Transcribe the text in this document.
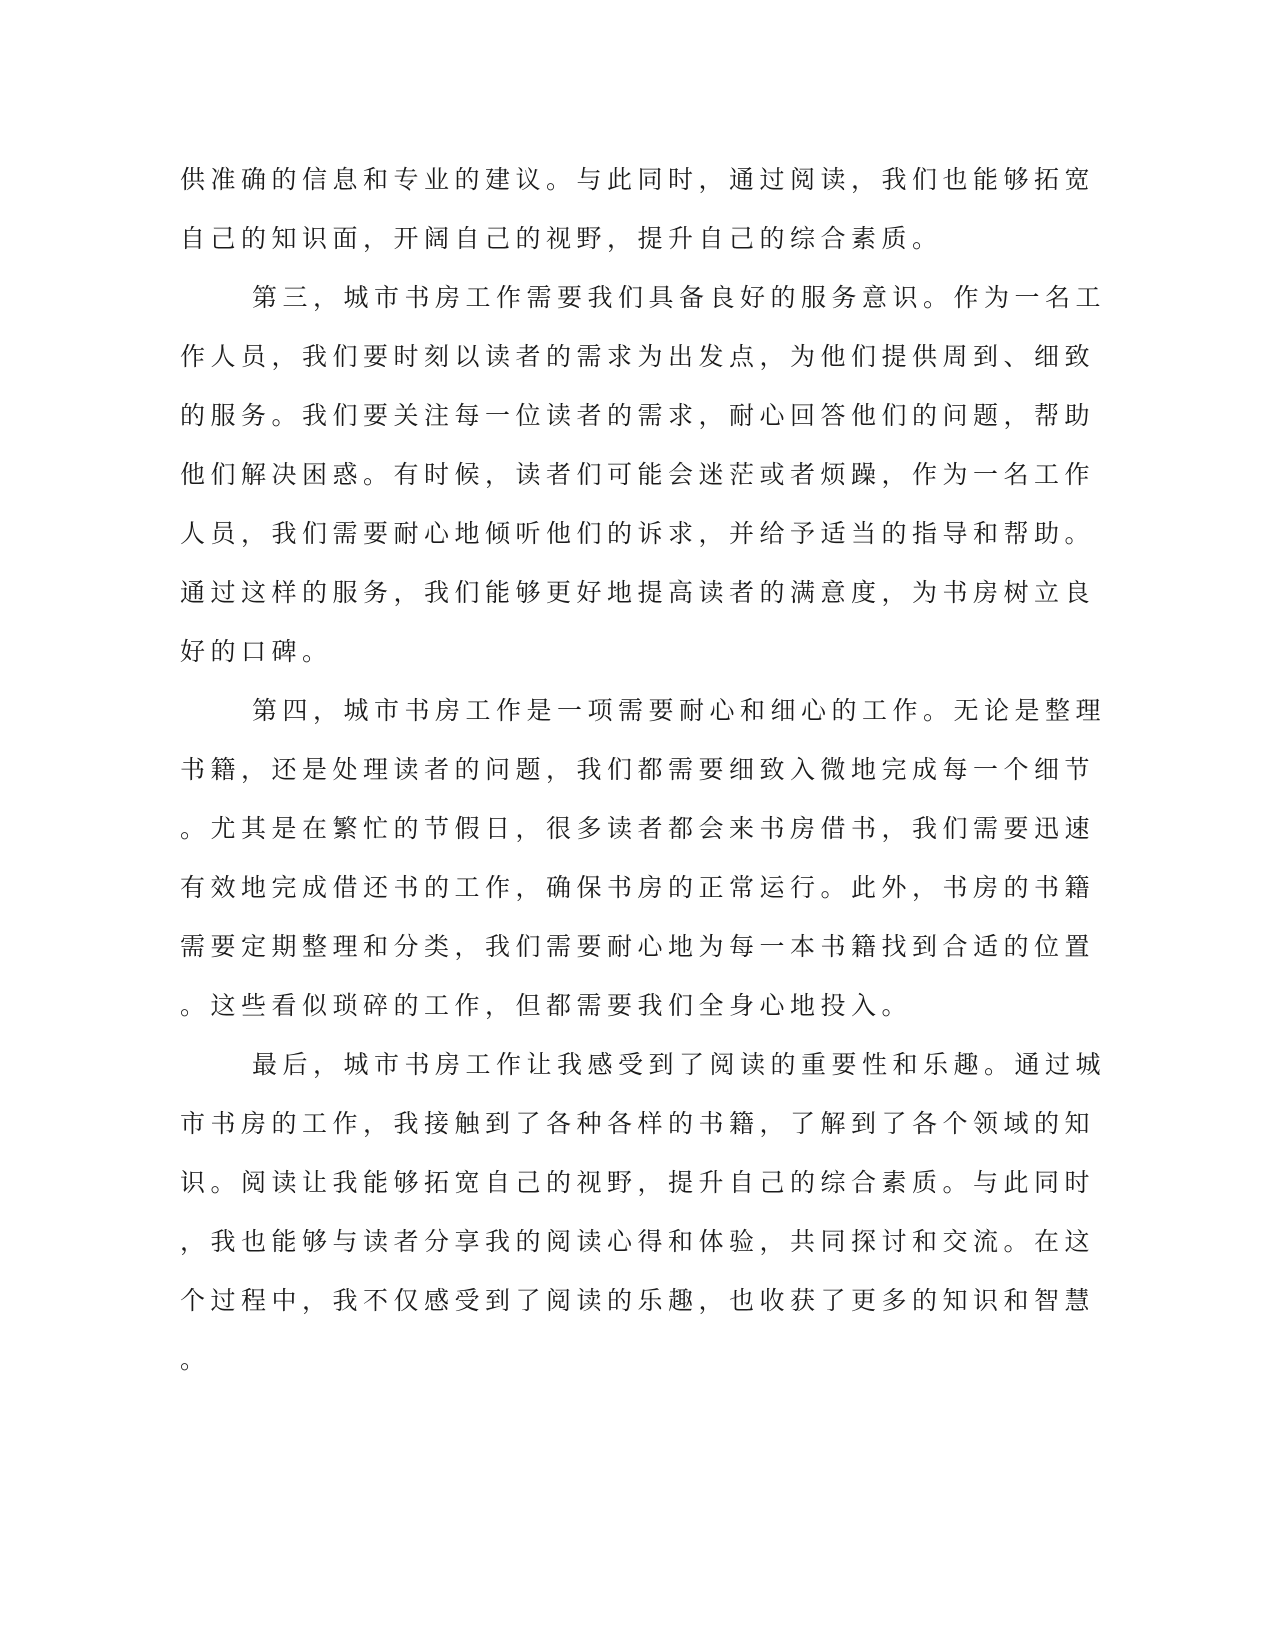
供准确的信息和专业的建议。与此同时，通过阅读，我们也能够拓宽
自己的知识面，开阔自己的视野，提升自己的综合素质。
第三，城市书房工作需要我们具备良好的服务意识。作为一名工
作人员，我们要时刻以读者的需求为出发点，为他们提供周到、细致
的服务。我们要关注每一位读者的需求，耐心回答他们的问题，帮助
他们解决困惑。有时候，读者们可能会迷茫或者烦躁，作为一名工作
人员，我们需要耐心地倾听他们的诉求，并给予适当的指导和帮助。
通过这样的服务，我们能够更好地提高读者的满意度，为书房树立良
好的口碑。
第四，城市书房工作是一项需要耐心和细心的工作。无论是整理
书籍，还是处理读者的问题，我们都需要细致入微地完成每一个细节
。尤其是在繁忙的节假日，很多读者都会来书房借书，我们需要迅速
有效地完成借还书的工作，确保书房的正常运行。此外，书房的书籍
需要定期整理和分类，我们需要耐心地为每一本书籍找到合适的位置
。这些看似琐碎的工作，但都需要我们全身心地投入。
最后，城市书房工作让我感受到了阅读的重要性和乐趣。通过城
市书房的工作，我接触到了各种各样的书籍，了解到了各个领域的知
识。阅读让我能够拓宽自己的视野，提升自己的综合素质。与此同时
，我也能够与读者分享我的阅读心得和体验，共同探讨和交流。在这
个过程中，我不仅感受到了阅读的乐趣，也收获了更多的知识和智慧
。
